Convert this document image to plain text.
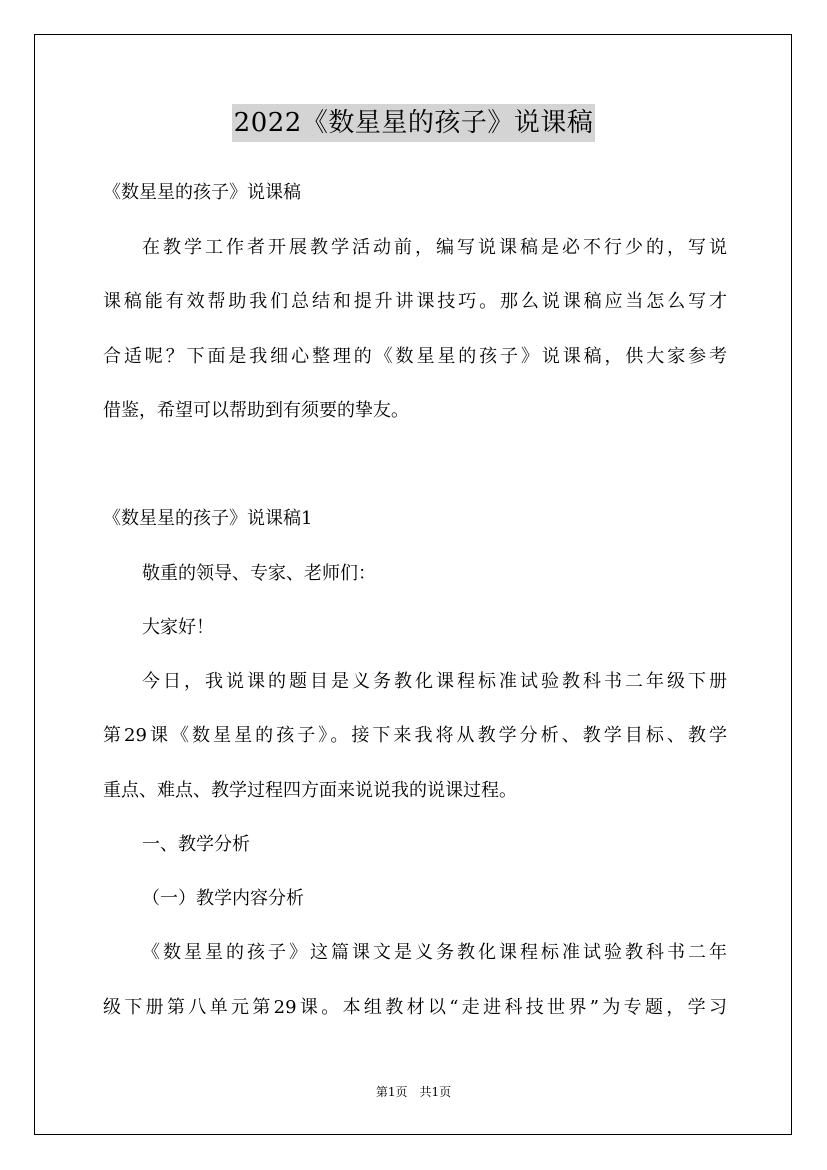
2022《数星星的孩子》说课稿
《数星星的孩子》说课稿
在教学工作者开展教学活动前，编写说课稿是必不行少的，写说
课稿能有效帮助我们总结和提升讲课技巧。那么说课稿应当怎么写才
合适呢？下面是我细心整理的《数星星的孩子》说课稿，供大家参考
借鉴，希望可以帮助到有须要的挚友。
《数星星的孩子》说课稿1
敬重的领导、专家、老师们：
大家好！
今日，我说课的题目是义务教化课程标准试验教科书二年级下册
第29课《数星星的孩子》。接下来我将从教学分析、教学目标、教学
重点、难点、教学过程四方面来说说我的说课过程。
一、教学分析
（一）教学内容分析
《数星星的孩子》这篇课文是义务教化课程标准试验教科书二年
级下册第八单元第29课。本组教材以“走进科技世界”为专题，学习
第1页　共1页
